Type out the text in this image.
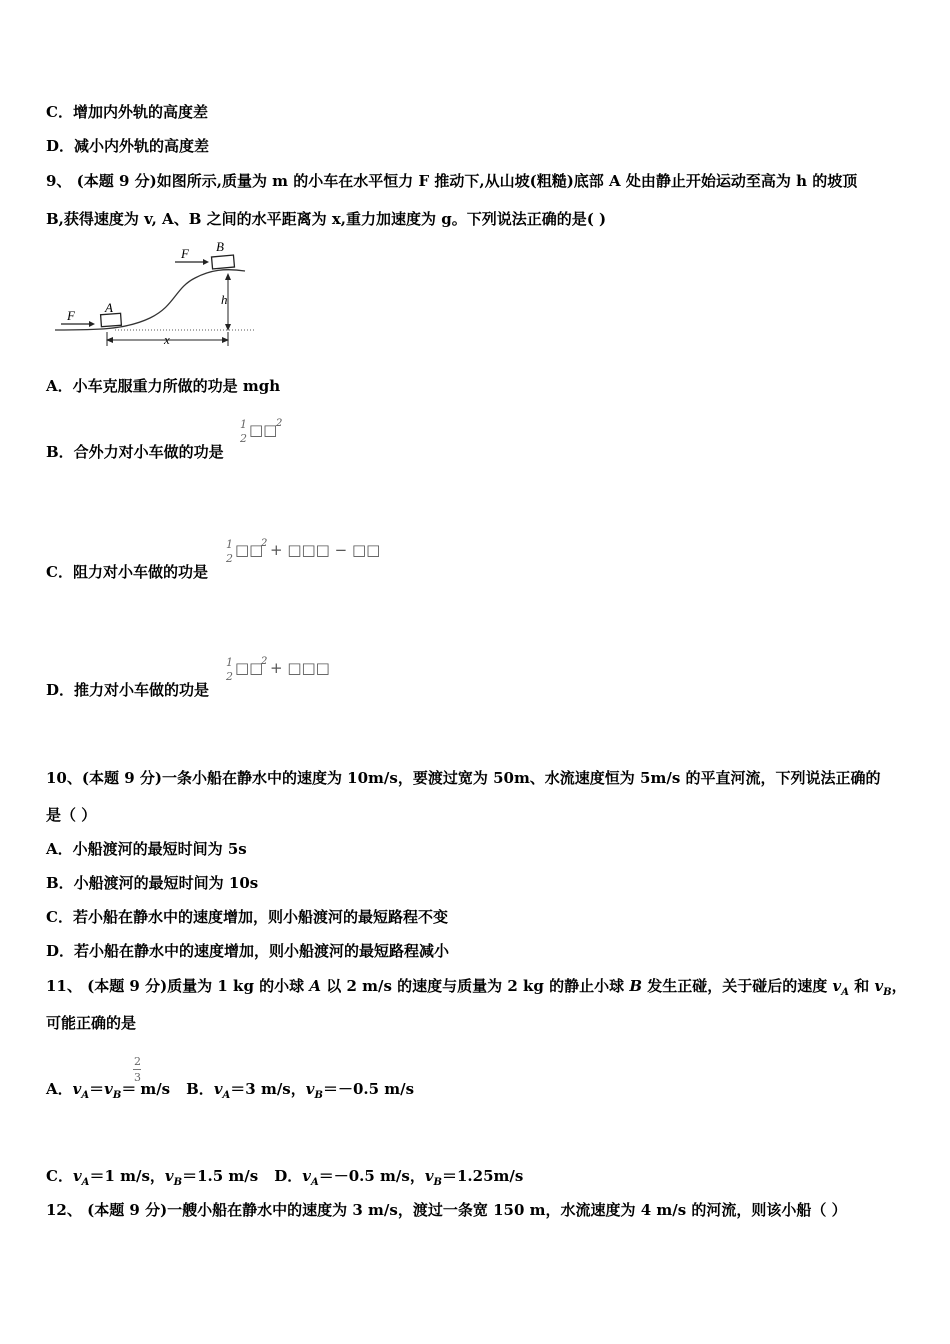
C．增加内外轨的高度差
D．减小内外轨的高度差
9、 (本题 9 分)如图所示,质量为 m 的小车在水平恒力 F 推动下,从山坡(粗糙)底部 A 处由静止开始运动至高为 h 的坡顶
B,获得速度为 v, A、B 之间的水平距离为 x,重力加速度为 g。下列说法正确的是( )
F
A
F B
h
x
A．小车克服重力所做的功是 mgh
B．合外力对小车做的功是
1
2 □□
2
C．阻力对小车做的功是
1
2 □□
2 + □□□ − □□
D．推力对小车做的功是
1
2 □□
2 + □□□
10、(本题 9 分)一条小船在静水中的速度为 10m/s，要渡过宽为 50m、水流速度恒为 5m/s 的平直河流，下列说法正确的
是（ ）
A．小船渡河的最短时间为 5s
B．小船渡河的最短时间为 10s
C．若小船在静水中的速度增加，则小船渡河的最短路程不变
D．若小船在静水中的速度增加，则小船渡河的最短路程减小
11、 (本题 9 分)质量为 1 kg 的小球 A 以 2 m/s 的速度与质量为 2 kg 的静止小球 B 发生正碰，关于碰后的速度 $v_A$ 和 $v_B$，
可能正确的是
A．$v_A=v_B= m/s$ B．$v_A=3$ m/s，$v_B=-0.5$ m/s
2
3
C．$v_A=1$ m/s，$v_B=1.5$ m/s D．$v_A=-0.5$ m/s，$v_B=1.25m/s$
12、 (本题 9 分)一艘小船在静水中的速度为 3 m/s，渡过一条宽 150 m，水流速度为 4 m/s 的河流，则该小船（ ）
